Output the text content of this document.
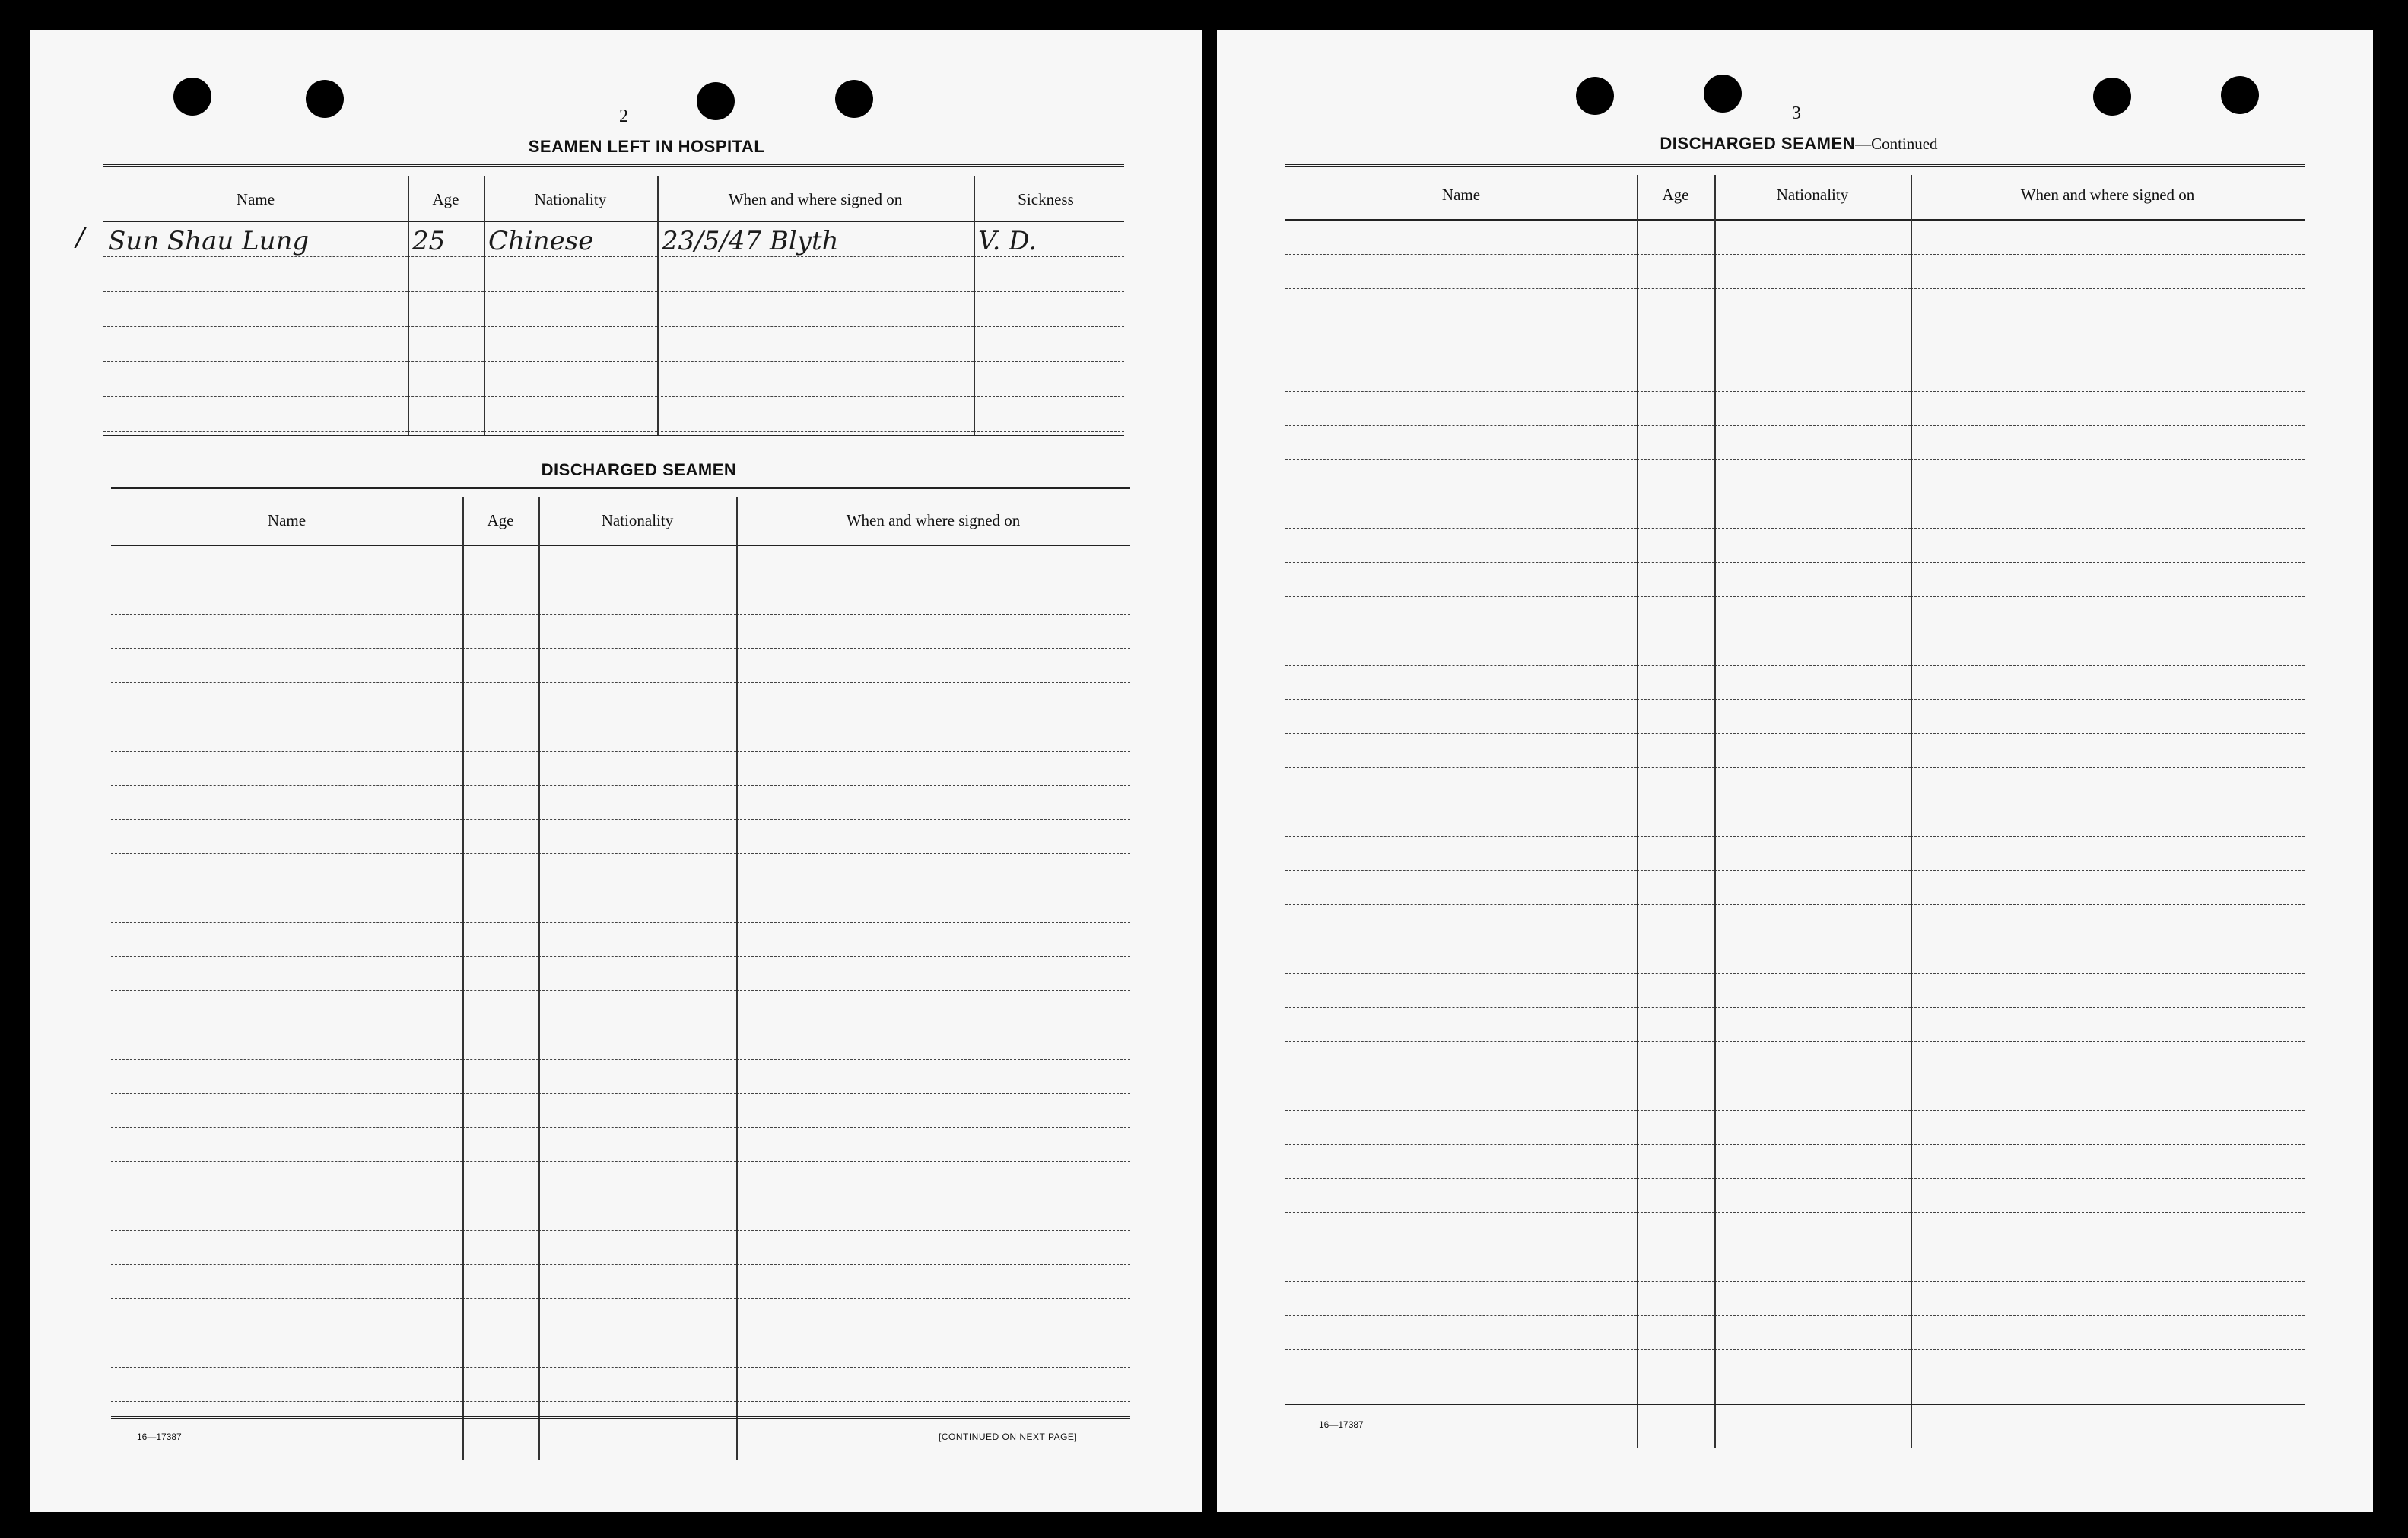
2
SEAMEN LEFT IN HOSPITAL
Name	Age	Nationality	When and where signed on	Sickness
Sun Shau Lung	25	Chinese	23/5/47 Blyth	V. D.

/
DISCHARGED SEAMEN
Name	Age	Nationality	When and where signed on

16—17387	[CONTINUED ON NEXT PAGE]
3
DISCHARGED SEAMEN—Continued
Name	Age	Nationality	When and where signed on

16—17387
